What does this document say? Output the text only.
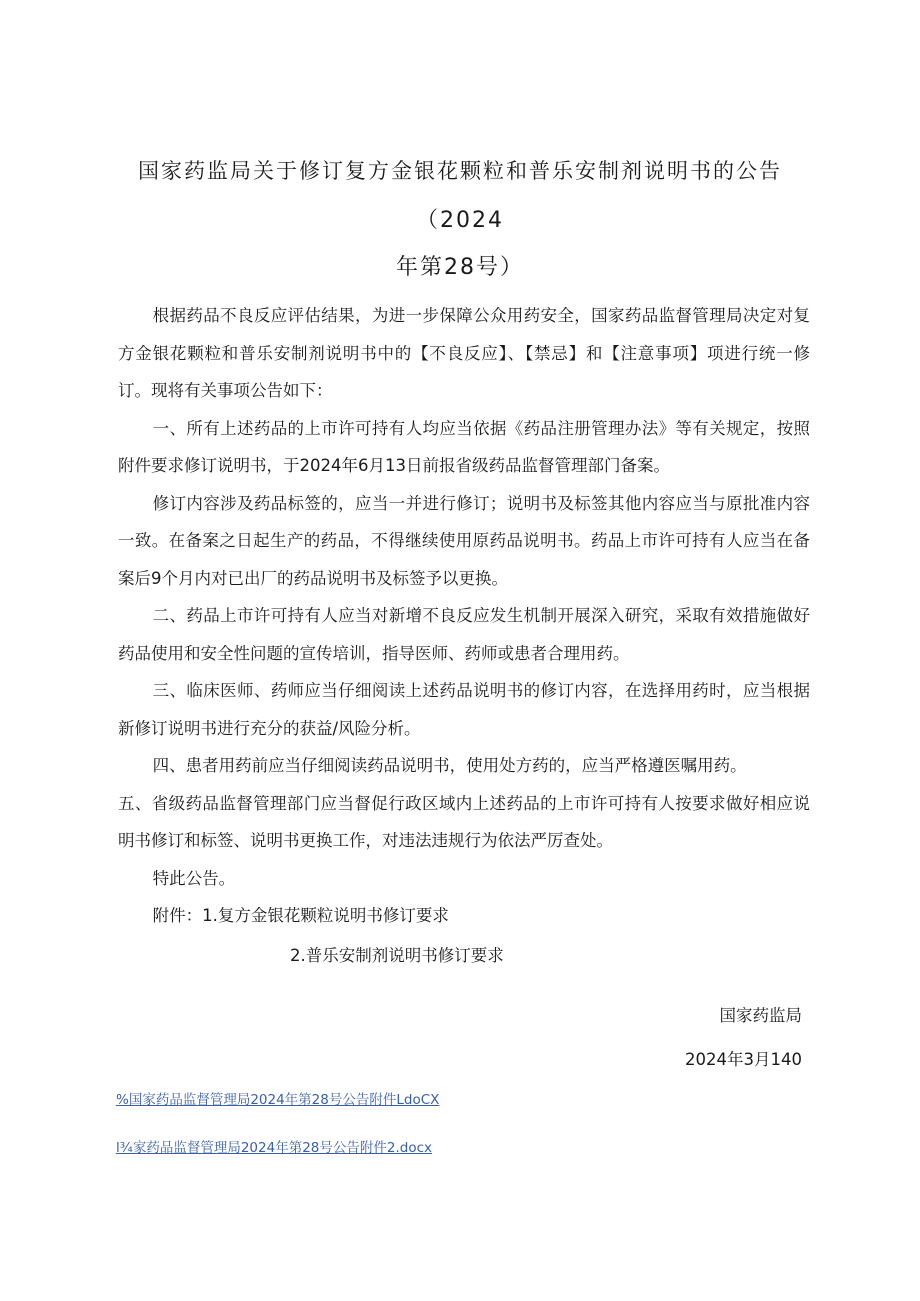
国家药监局关于修订复方金银花颗粒和普乐安制剂说明书的公告
（2024
年第28号）

根据药品不良反应评估结果，为进一步保障公众用药安全，国家药品监督管理局决定对复方金银花颗粒和普乐安制剂说明书中的【不良反应】、【禁忌】和【注意事项】项进行统一修订。现将有关事项公告如下：

一、所有上述药品的上市许可持有人均应当依据《药品注册管理办法》等有关规定，按照附件要求修订说明书，于2024年6月13日前报省级药品监督管理部门备案。

修订内容涉及药品标签的，应当一并进行修订；说明书及标签其他内容应当与原批准内容一致。在备案之日起生产的药品，不得继续使用原药品说明书。药品上市许可持有人应当在备案后9个月内对已出厂的药品说明书及标签予以更换。

二、药品上市许可持有人应当对新增不良反应发生机制开展深入研究，采取有效措施做好药品使用和安全性问题的宣传培训，指导医师、药师或患者合理用药。

三、临床医师、药师应当仔细阅读上述药品说明书的修订内容，在选择用药时，应当根据新修订说明书进行充分的获益/风险分析。

四、患者用药前应当仔细阅读药品说明书，使用处方药的，应当严格遵医嘱用药。

五、省级药品监督管理部门应当督促行政区域内上述药品的上市许可持有人按要求做好相应说明书修订和标签、说明书更换工作，对违法违规行为依法严厉查处。

特此公告。

附件：1.复方金银花颗粒说明书修订要求

2.普乐安制剂说明书修订要求
国家药监局
2024年3月140
%国家药品监督管理局2024年第28号公告附件LdoCX
l¾家药品监督管理局2024年第28号公告附件2.docx
